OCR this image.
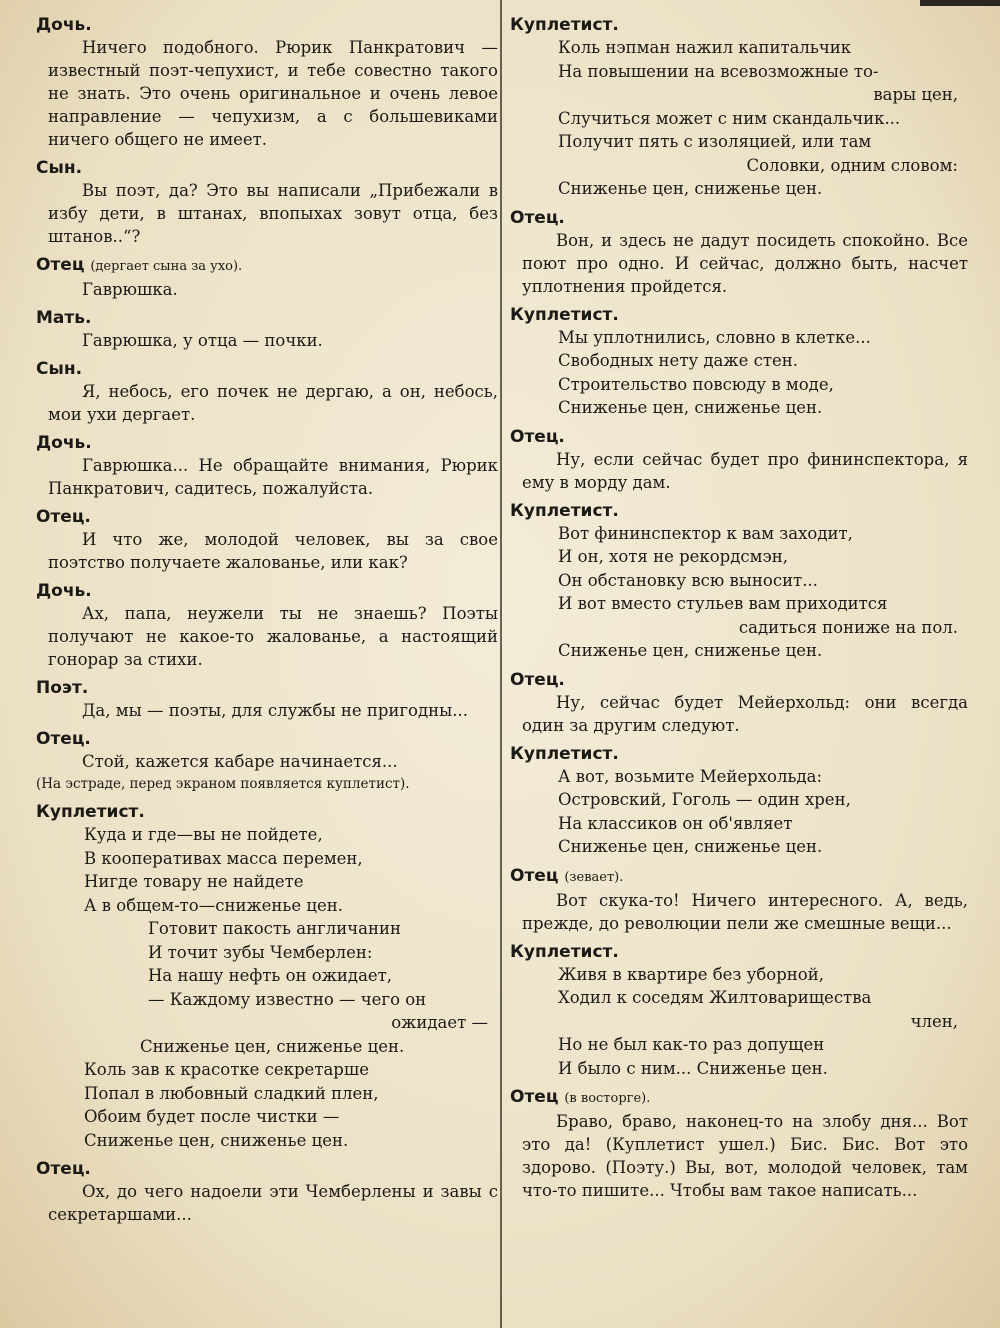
Дочь.

Ничего подобного. Рюрик Панкратович — известный поэт-чепухист, и тебе совестно такого не знать. Это очень оригинальное и очень левое направление — чепухизм, а с большевиками ничего общего не имеет.

Сын.

Вы поэт, да? Это вы написали „Прибежали в избу дети, в штанах, впопыхах зовут отца, без штанов..“?

Отец (дергает сына за ухо).

Гаврюшка.

Мать.

Гаврюшка, у отца — почки.

Сын.

Я, небось, его почек не дергаю, а он, небось, мои ухи дергает.

Дочь.

Гаврюшка... Не обращайте внимания, Рюрик Панкратович, садитесь, пожалуйста.

Отец.

И что же, молодой человек, вы за свое поэтство получаете жалованье, или как?

Дочь.

Ах, папа, неужели ты не знаешь? Поэты получают не какое-то жалованье, а настоящий гонорар за стихи.

Поэт.

Да, мы — поэты, для службы не пригодны...

Отец.

Стой, кажется кабаре начинается...

(На эстраде, перед экраном появляется куплетист).

Куплетист.
Куда и где—вы не пойдете,
В кооперативах масса перемен,
Нигде товару не найдете
А в общем-то—сниженье цен.
Готовит пакость англичанин
И точит зубы Чемберлен:
На нашу нефть он ожидает,
— Каждому известно — чего он
ожидает —
Сниженье цен, сниженье цен.
Коль зав к красотке секретарше
Попал в любовный сладкий плен,
Обоим будет после чистки —
Сниженье цен, сниженье цен.
Отец.

Ох, до чего надоели эти Чемберлены и завы с секретаршами...

Куплетист.
Коль нэпман нажил капитальчик
На повышении на всевозможные то-
вары цен,
Случиться может с ним скандальчик...
Получит пять с изоляцией, или там
Соловки, одним словом:
Сниженье цен, сниженье цен.
Отец.

Вон, и здесь не дадут посидеть спокойно. Все поют про одно. И сейчас, должно быть, насчет уплотнения пройдется.

Куплетист.
Мы уплотнились, словно в клетке...
Свободных нету даже стен.
Строительство повсюду в моде,
Сниженье цен, сниженье цен.
Отец.

Ну, если сейчас будет про фининспектора, я ему в морду дам.

Куплетист.
Вот фининспектор к вам заходит,
И он, хотя не рекордсмэн,
Он обстановку всю выносит...
И вот вместо стульев вам приходится
садиться пониже на пол.
Сниженье цен, сниженье цен.
Отец.

Ну, сейчас будет Мейерхольд: они всегда один за другим следуют.

Куплетист.
А вот, возьмите Мейерхольда:
Островский, Гоголь — один хрен,
На классиков он об'являет
Сниженье цен, сниженье цен.
Отец (зевает).

Вот скука-то! Ничего интересного. А, ведь, прежде, до революции пели же смешные вещи...

Куплетист.
Живя в квартире без уборной,
Ходил к соседям Жилтоварищества
член,
Но не был как-то раз допущен
И было с ним... Сниженье цен.
Отец (в восторге).

Браво, браво, наконец-то на злобу дня... Вот это да! (Куплетист ушел.) Бис. Бис. Вот это здорово. (Поэту.) Вы, вот, молодой человек, там что-то пишите... Чтобы вам такое написать...
